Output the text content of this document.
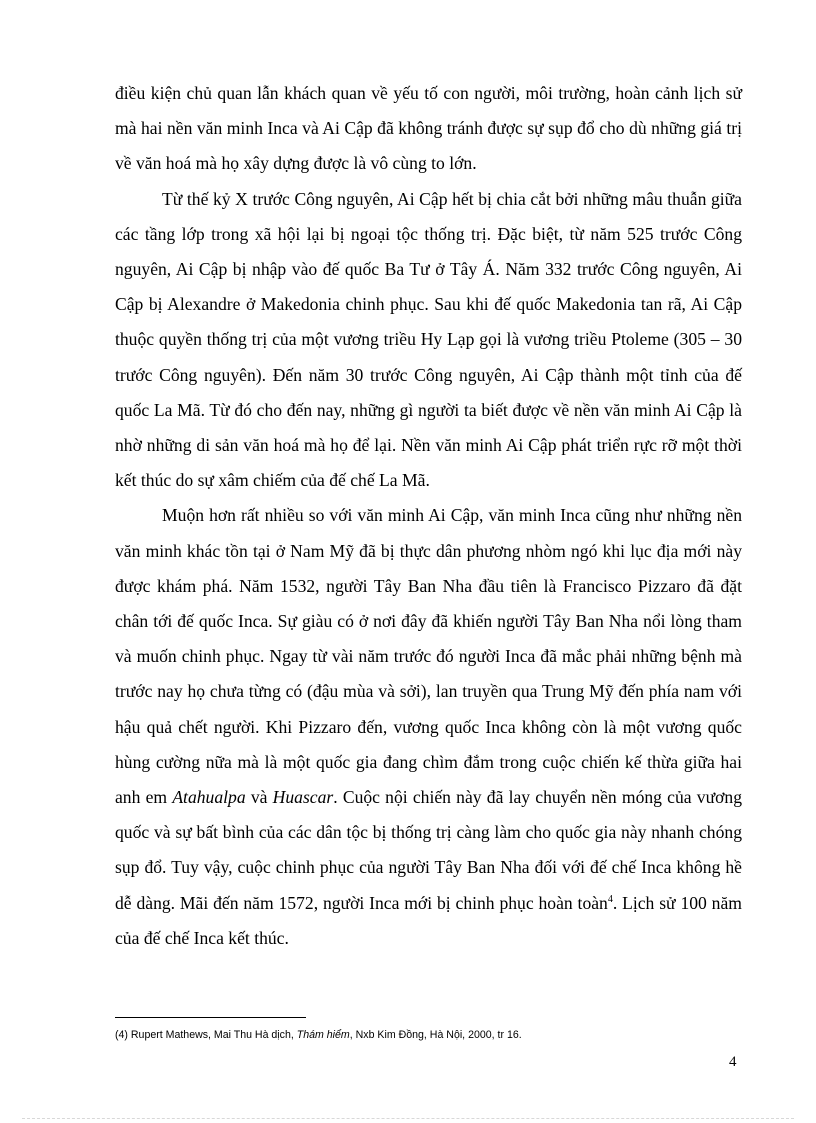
điều kiện chủ quan lẫn khách quan về yếu tố con người, môi trường, hoàn cảnh lịch sử mà hai nền văn minh Inca và Ai Cập đã không tránh được sự sụp đổ cho dù những giá trị về văn hoá mà họ xây dựng được là vô cùng to lớn.

Từ thế kỷ X trước Công nguyên, Ai Cập hết bị chia cắt bởi những mâu thuẫn giữa các tầng lớp trong xã hội lại bị ngoại tộc thống trị. Đặc biệt, từ năm 525 trước Công nguyên, Ai Cập bị nhập vào đế quốc Ba Tư ở Tây Á. Năm 332 trước Công nguyên, Ai Cập bị Alexandre ở Makedonia chinh phục. Sau khi đế quốc Makedonia tan rã, Ai Cập thuộc quyền thống trị của một vương triều Hy Lạp gọi là vương triều Ptoleme (305 – 30 trước Công nguyên). Đến năm 30 trước Công nguyên, Ai Cập thành một tỉnh của đế quốc La Mã. Từ đó cho đến nay, những gì người ta biết được về nền văn minh Ai Cập là nhờ những di sản văn hoá mà họ để lại. Nền văn minh Ai Cập phát triển rực rỡ một thời kết thúc do sự xâm chiếm của đế chế La Mã.

Muộn hơn rất nhiều so với văn minh Ai Cập, văn minh Inca cũng như những nền văn minh khác tồn tại ở Nam Mỹ đã bị thực dân phương nhòm ngó khi lục địa mới này được khám phá. Năm 1532, người Tây Ban Nha đầu tiên là Francisco Pizzaro đã đặt chân tới đế quốc Inca. Sự giàu có ở nơi đây đã khiến người Tây Ban Nha nổi lòng tham và muốn chinh phục. Ngay từ vài năm trước đó người Inca đã mắc phải những bệnh mà trước nay họ chưa từng có (đậu mùa và sởi), lan truyền qua Trung Mỹ đến phía nam với hậu quả chết người. Khi Pizzaro đến, vương quốc Inca không còn là một vương quốc hùng cường nữa mà là một quốc gia đang chìm đắm trong cuộc chiến kế thừa giữa hai anh em Atahualpa và Huascar. Cuộc nội chiến này đã lay chuyển nền móng của vương quốc và sự bất bình của các dân tộc bị thống trị càng làm cho quốc gia này nhanh chóng sụp đổ. Tuy vậy, cuộc chinh phục của người Tây Ban Nha đối với đế chế Inca không hề dễ dàng. Mãi đến năm 1572, người Inca mới bị chinh phục hoàn toàn$^4$. Lịch sử 100 năm của đế chế Inca kết thúc.

(4) Rupert Mathews, Mai Thu Hà dịch, Thám hiểm, Nxb Kim Đồng, Hà Nội, 2000, tr 16.
4
